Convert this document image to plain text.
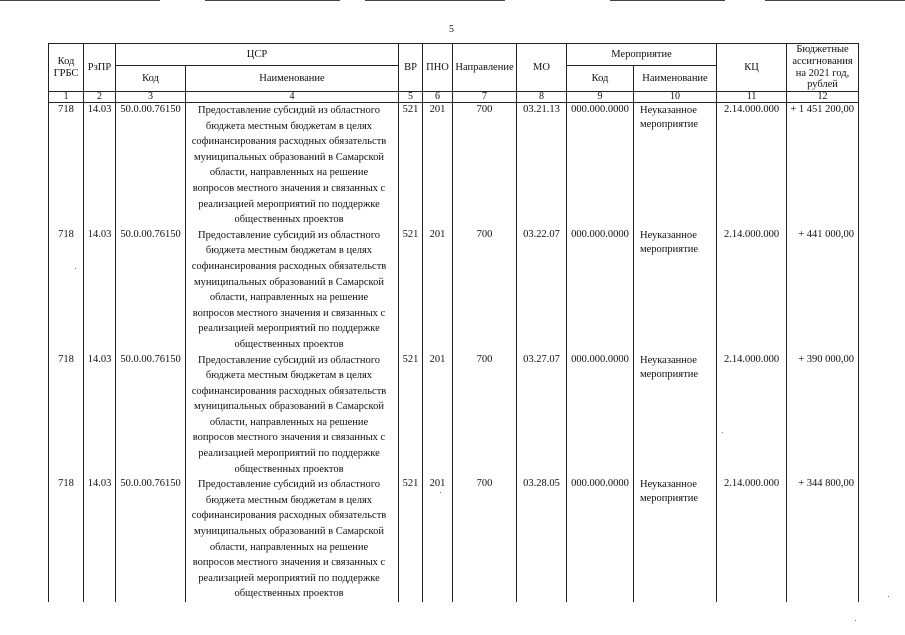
5
Код ГРБС	РзПР	ЦСР		ВР	ПНО	Направление	МО	Мероприятие		КЦ	Бюджетные ассигнования на 2021 год, рублей
		Код	Наименование					Код	Наименование		
1	2	3	4	5	6	7	8	9	10	11	12
718	14.03	50.0.00.76150	Предоставление субсидий из областного бюджета местным бюджетам в целях софинансирования расходных обязательств муниципальных образований в Самарской области, направленных на решение вопросов местного значения и связанных с реализацией мероприятий по поддержке общественных проектов	521	201	700	03.21.13	000.000.0000	Неуказанное мероприятие	2.14.000.000	+ 1 451 200,00
718	14.03	50.0.00.76150	Предоставление субсидий из областного бюджета местным бюджетам в целях софинансирования расходных обязательств муниципальных образований в Самарской области, направленных на решение вопросов местного значения и связанных с реализацией мероприятий по поддержке общественных проектов	521	201	700	03.22.07	000.000.0000	Неуказанное мероприятие	2.14.000.000	+ 441 000,00
718	14.03	50.0.00.76150	Предоставление субсидий из областного бюджета местным бюджетам в целях софинансирования расходных обязательств муниципальных образований в Самарской области, направленных на решение вопросов местного значения и связанных с реализацией мероприятий по поддержке общественных проектов	521	201	700	03.27.07	000.000.0000	Неуказанное мероприятие	2.14.000.000	+ 390 000,00
718	14.03	50.0.00.76150	Предоставление субсидий из областного бюджета местным бюджетам в целях софинансирования расходных обязательств муниципальных образований в Самарской области, направленных на решение вопросов местного значения и связанных с реализацией мероприятий по поддержке общественных проектов	521	201	700	03.28.05	000.000.0000	Неуказанное мероприятие	2.14.000.000	+ 344 800,00
